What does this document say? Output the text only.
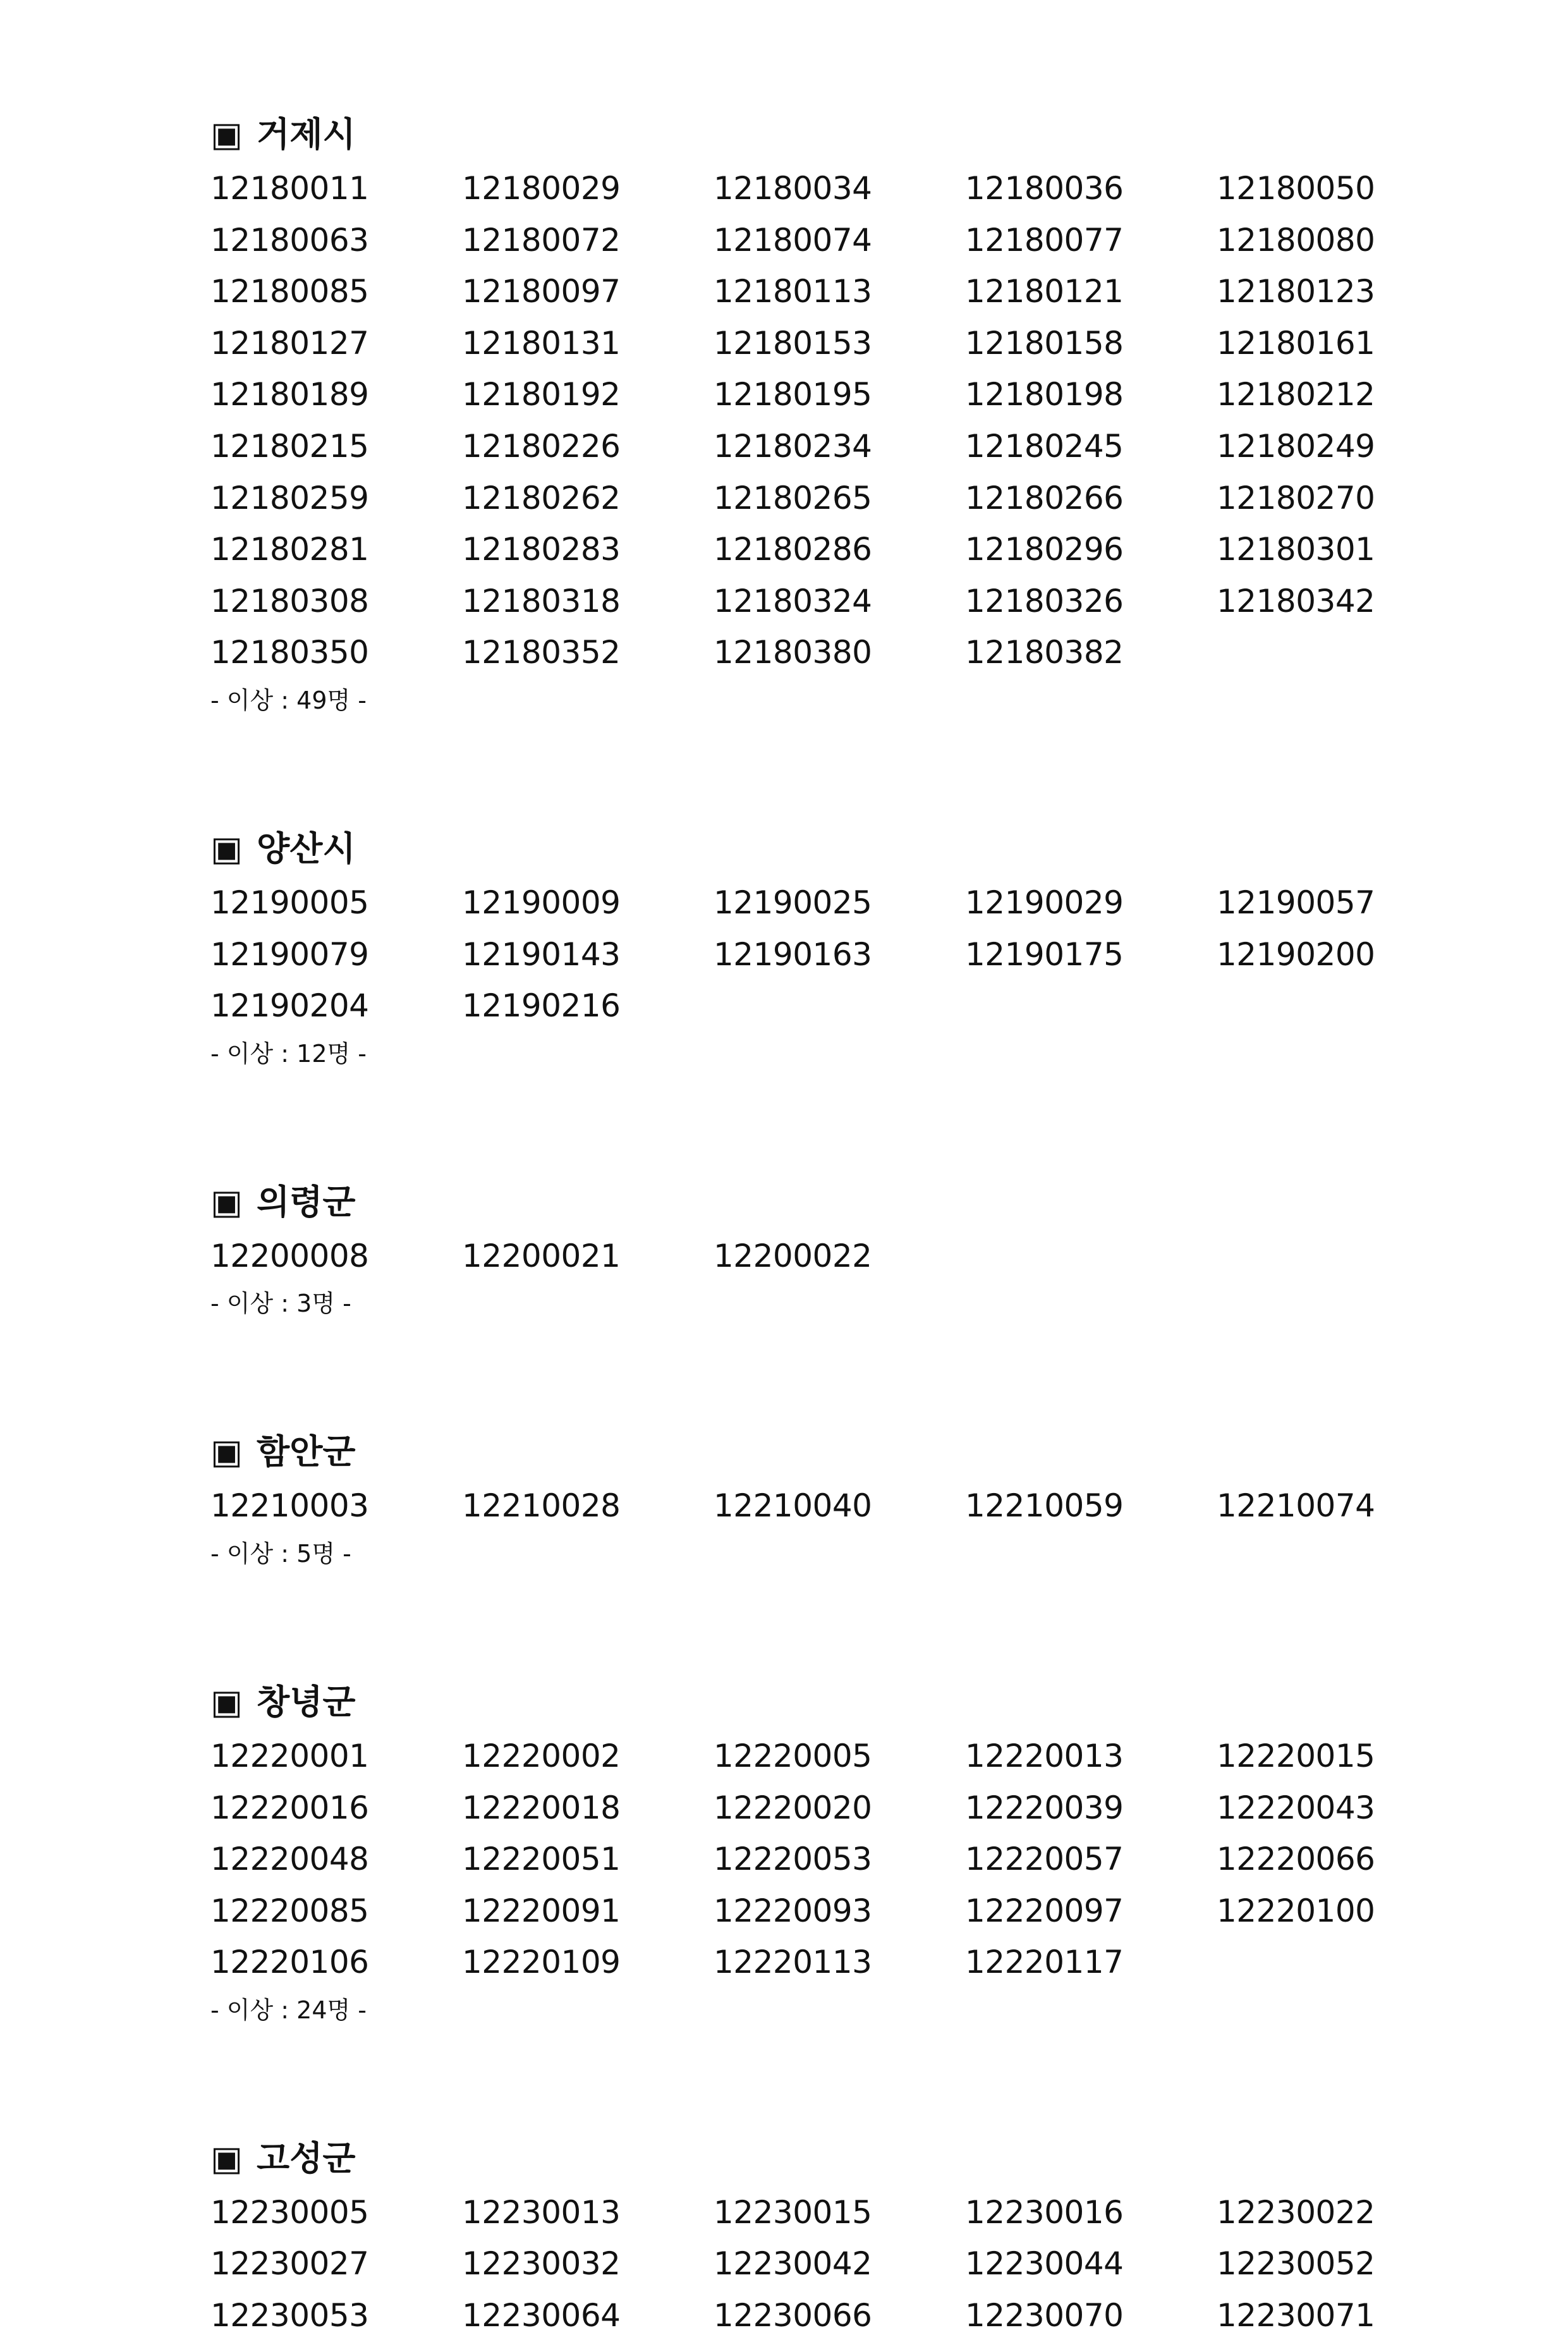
▣ 거제시
12180011	12180029	12180034	12180036	12180050
12180063	12180072	12180074	12180077	12180080
12180085	12180097	12180113	12180121	12180123
12180127	12180131	12180153	12180158	12180161
12180189	12180192	12180195	12180198	12180212
12180215	12180226	12180234	12180245	12180249
12180259	12180262	12180265	12180266	12180270
12180281	12180283	12180286	12180296	12180301
12180308	12180318	12180324	12180326	12180342
12180350	12180352	12180380	12180382
- 이상 : 49명 -
▣ 양산시
12190005	12190009	12190025	12190029	12190057
12190079	12190143	12190163	12190175	12190200
12190204	12190216
- 이상 : 12명 -
▣ 의령군
12200008	12200021	12200022
- 이상 : 3명 -
▣ 함안군
12210003	12210028	12210040	12210059	12210074
- 이상 : 5명 -
▣ 창녕군
12220001	12220002	12220005	12220013	12220015
12220016	12220018	12220020	12220039	12220043
12220048	12220051	12220053	12220057	12220066
12220085	12220091	12220093	12220097	12220100
12220106	12220109	12220113	12220117
- 이상 : 24명 -
▣ 고성군
12230005	12230013	12230015	12230016	12230022
12230027	12230032	12230042	12230044	12230052
12230053	12230064	12230066	12230070	12230071
